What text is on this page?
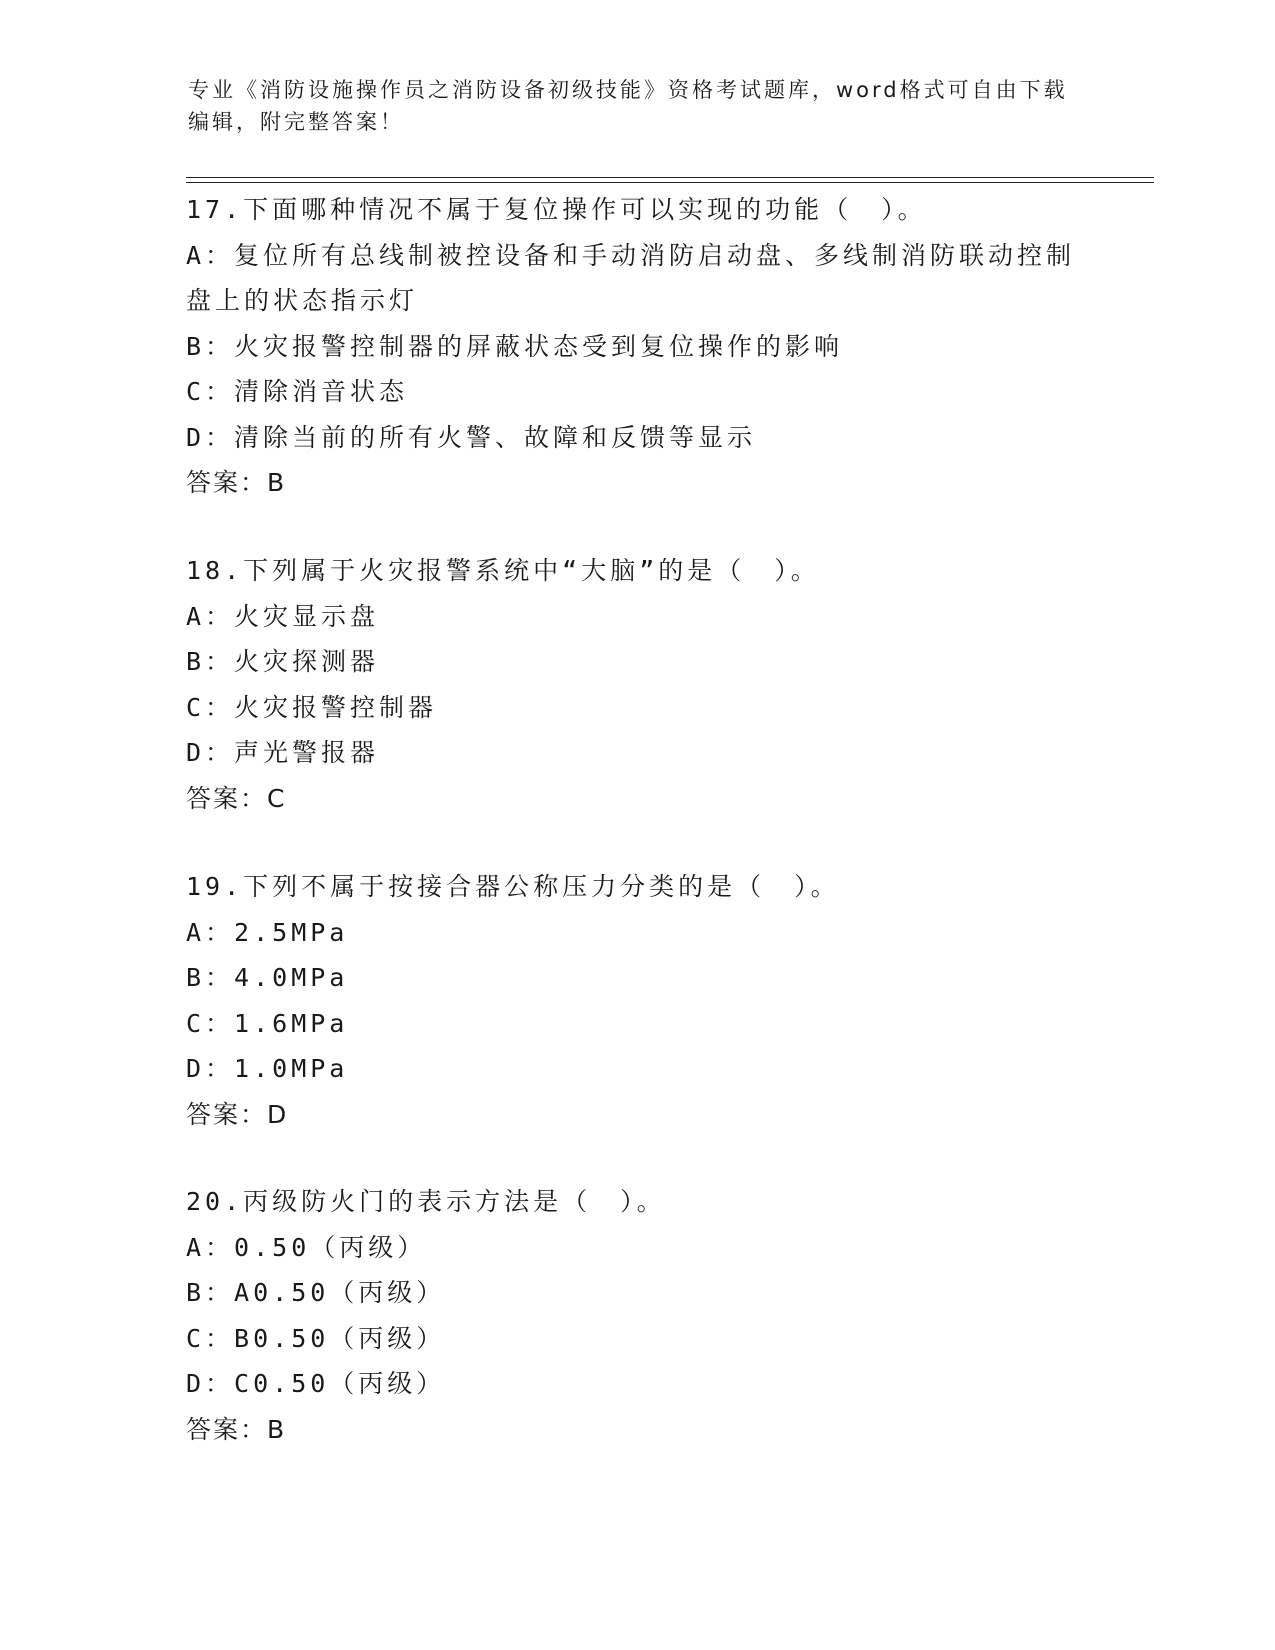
专业《消防设施操作员之消防设备初级技能》资格考试题库，word格式可自由下载编辑，附完整答案！
17.下面哪种情况不属于复位操作可以实现的功能（　）。
A：复位所有总线制被控设备和手动消防启动盘、多线制消防联动控制
盘上的状态指示灯
B：火灾报警控制器的屏蔽状态受到复位操作的影响
C：清除消音状态
D：清除当前的所有火警、故障和反馈等显示
答案：B
18.下列属于火灾报警系统中“大脑”的是（　）。
A：火灾显示盘
B：火灾探测器
C：火灾报警控制器
D：声光警报器
答案：C
19.下列不属于按接合器公称压力分类的是（　）。
A：2.5MPa
B：4.0MPa
C：1.6MPa
D：1.0MPa
答案：D
20.丙级防火门的表示方法是（　）。
A：0.50（丙级）
B：A0.50（丙级）
C：B0.50（丙级）
D：C0.50（丙级）
答案：B
